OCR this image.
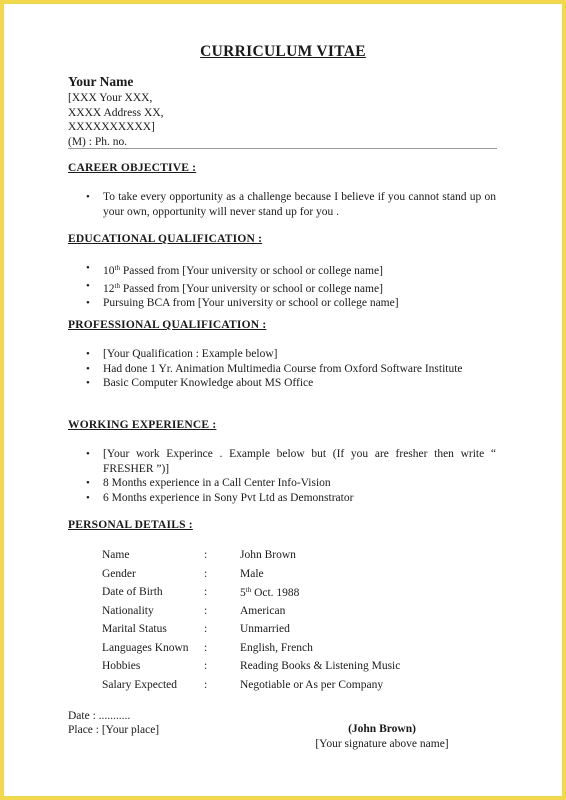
CURRICULUM VITAE
Your Name
[XXX Your XXX,
XXXX Address XX,
XXXXXXXXXX]
(M) : Ph. no.
CAREER OBJECTIVE :
• To take every opportunity as a challenge because I believe if you cannot stand up on your own, opportunity will never stand up for you .
EDUCATIONAL QUALIFICATION :
• 10th Passed from [Your university or school or college name]
• 12th Passed from [Your university or school or college name]
• Pursuing BCA from [Your university or school or college name]
PROFESSIONAL QUALIFICATION :
• [Your Qualification : Example below]
• Had done 1 Yr. Animation Multimedia Course from Oxford Software Institute
• Basic Computer Knowledge about MS Office
WORKING EXPERIENCE :
• [Your work Experince . Example below but (If you are fresher then write “ FRESHER ”)]
• 8 Months experience in a Call Center Info-Vision
• 6 Months experience in Sony Pvt Ltd as Demonstrator
PERSONAL DETAILS :
Name	:	John Brown
Gender	:	Male
Date of Birth	:	5th Oct. 1988
Nationality	:	American
Marital Status	:	Unmarried
Languages Known	:	English, French
Hobbies	:	Reading Books & Listening Music
Salary Expected	:	Negotiable or As per Company
Date : ...........
Place : [Your place]	(John Brown)
[Your signature above name]
